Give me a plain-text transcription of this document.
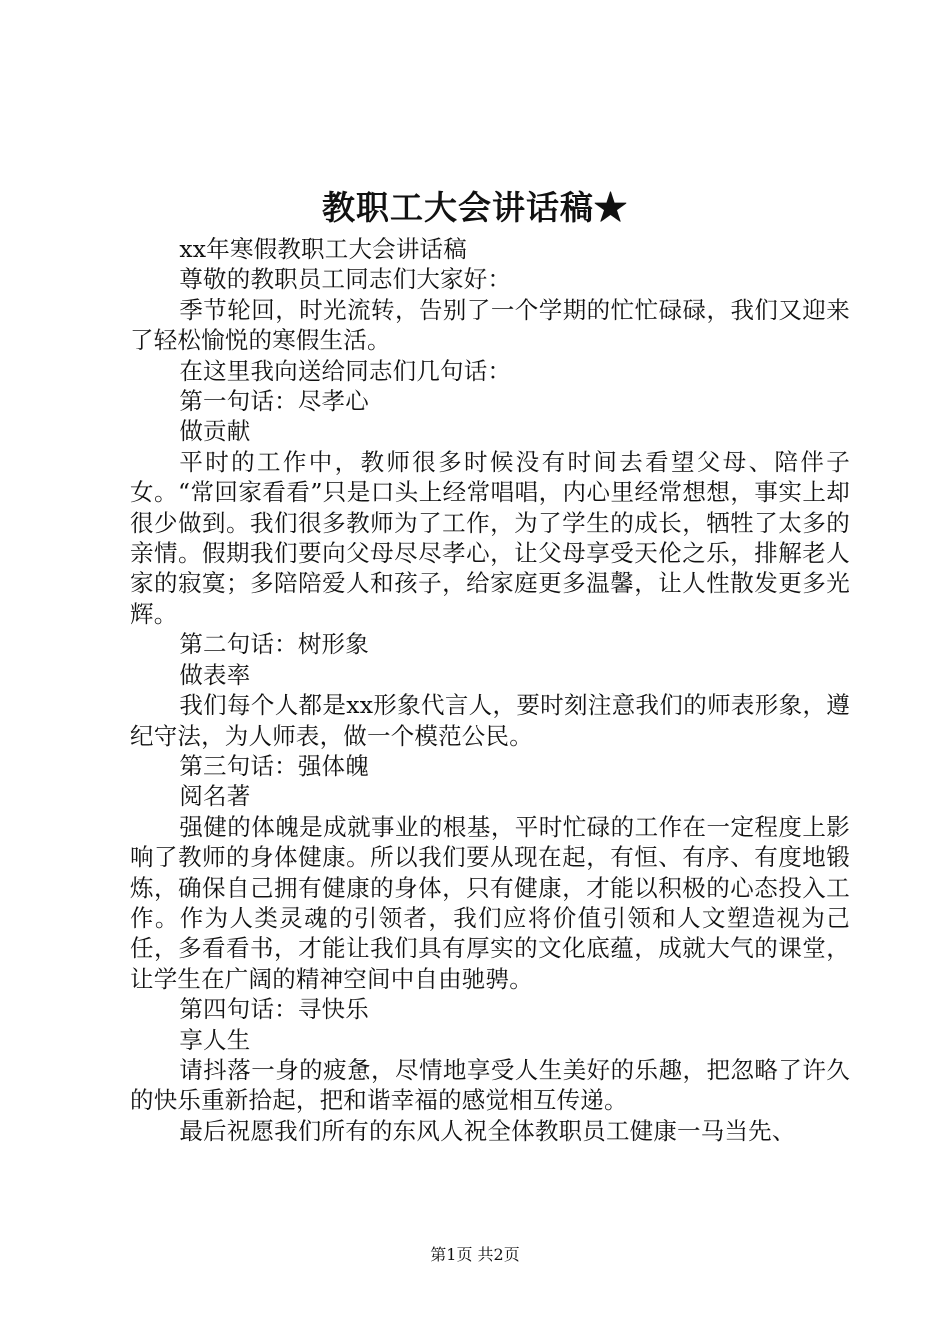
教职工大会讲话稿★

xx年寒假教职工大会讲话稿

尊敬的教职员工同志们大家好：

季节轮回，时光流转，告别了一个学期的忙忙碌碌，我们又迎来了轻松愉悦的寒假生活。

在这里我向送给同志们几句话：

第一句话：尽孝心

做贡献

平时的工作中，教师很多时候没有时间去看望父母、陪伴子女。“常回家看看”只是口头上经常唱唱，内心里经常想想，事实上却很少做到。我们很多教师为了工作，为了学生的成长，牺牲了太多的亲情。假期我们要向父母尽尽孝心，让父母享受天伦之乐，排解老人家的寂寞；多陪陪爱人和孩子，给家庭更多温馨，让人性散发更多光辉。

第二句话：树形象

做表率

我们每个人都是xx形象代言人，要时刻注意我们的师表形象，遵纪守法，为人师表，做一个模范公民。

第三句话：强体魄

阅名著

强健的体魄是成就事业的根基，平时忙碌的工作在一定程度上影响了教师的身体健康。所以我们要从现在起，有恒、有序、有度地锻炼，确保自己拥有健康的身体，只有健康，才能以积极的心态投入工作。作为人类灵魂的引领者，我们应将价值引领和人文塑造视为己任，多看看书，才能让我们具有厚实的文化底蕴，成就大气的课堂，让学生在广阔的精神空间中自由驰骋。

第四句话：寻快乐

享人生

请抖落一身的疲惫，尽情地享受人生美好的乐趣，把忽略了许久的快乐重新拾起，把和谐幸福的感觉相互传递。

最后祝愿我们所有的东风人祝全体教职员工健康一马当先、

第1页 共2页
